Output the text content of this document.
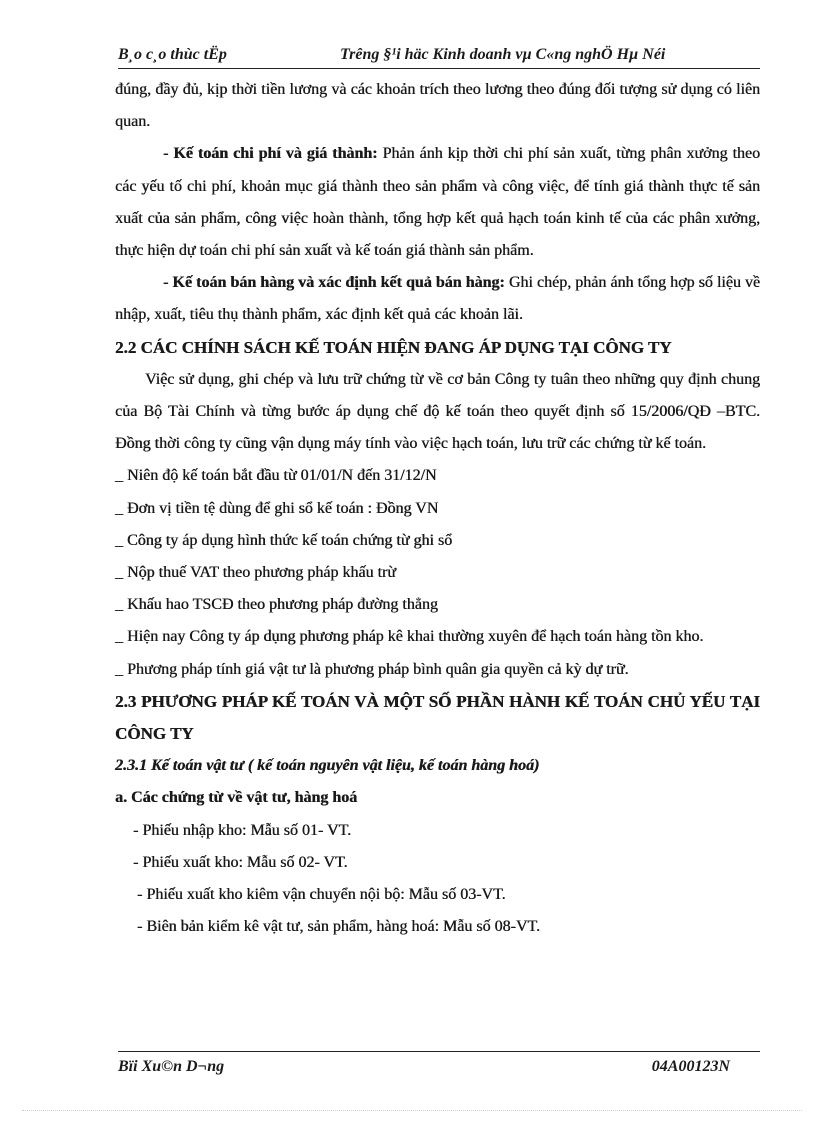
B¸o c¸o thùc tËp	Trêng §¹i häc Kinh doanh vµ C«ng nghÖ Hµ Néi

đúng, đầy đủ, kịp thời tiền lương và các khoản trích theo lương theo đúng đối tượng sử dụng có liên quan.

- Kế toán chi phí và giá thành: Phản ánh kịp thời chi phí sản xuất, từng phân xưởng theo các yếu tố chi phí, khoản mục giá thành theo sản phẩm và công việc, để tính giá thành thực tế sản xuất của sản phẩm, công việc hoàn thành, tổng hợp kết quả hạch toán kinh tế của các phân xưởng, thực hiện dự toán chi phí sản xuất và kế toán giá thành sản phẩm.

- Kế toán bán hàng và xác định kết quả bán hàng: Ghi chép, phản ánh tổng hợp số liệu về nhập, xuất, tiêu thụ thành phẩm, xác định kết quả các khoản lãi.

2.2 CÁC CHÍNH SÁCH KẾ TOÁN HIỆN ĐANG ÁP DỤNG TẠI CÔNG TY

Việc sử dụng, ghi chép và lưu trữ chứng từ về cơ bản Công ty tuân theo những quy định chung của Bộ Tài Chính và từng bước áp dụng chế độ kế toán theo quyết định số 15/2006/QĐ –BTC. Đồng thời công ty cũng vận dụng máy tính vào việc hạch toán, lưu trữ các chứng từ kế toán.

_ Niên độ kế toán bắt đầu từ 01/01/N đến 31/12/N

_ Đơn vị tiền tệ dùng để ghi sổ kế toán : Đồng VN

_ Công ty áp dụng hình thức kế toán chứng từ ghi sổ

_ Nộp thuế VAT theo phương pháp khấu trừ

_ Khấu hao TSCĐ theo phương pháp đường thẳng

_ Hiện nay Công ty áp dụng phương pháp kê khai thường xuyên để hạch toán hàng tồn kho.

_ Phương pháp tính giá vật tư là phương pháp bình quân gia quyền cả kỳ dự trữ.

2.3 PHƯƠNG PHÁP KẾ TOÁN VÀ MỘT SỐ PHẦN HÀNH KẾ TOÁN CHỦ YẾU TẠI CÔNG TY

2.3.1 Kế toán vật tư ( kế toán nguyên vật liệu, kế toán hàng hoá)

a. Các chứng từ về vật tư, hàng hoá

- Phiếu nhập kho: Mẫu số 01- VT.

- Phiếu xuất kho: Mẫu số 02- VT.

- Phiếu xuất kho kiêm vận chuyển nội bộ: Mẫu số 03-VT.

- Biên bản kiểm kê vật tư, sản phẩm, hàng hoá: Mẫu số 08-VT.

Bïi Xu©n D¬ng	04A00123N
